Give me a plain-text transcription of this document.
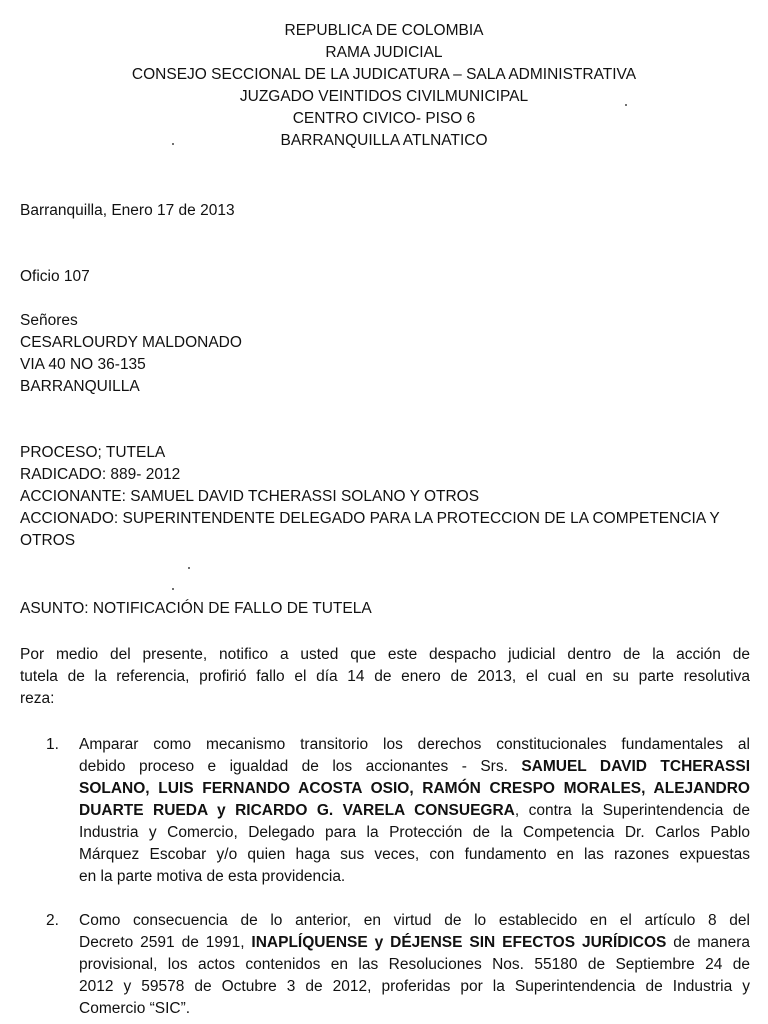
REPUBLICA DE COLOMBIA
RAMA JUDICIAL
CONSEJO SECCIONAL DE LA JUDICATURA – SALA ADMINISTRATIVA
JUZGADO VEINTIDOS CIVILMUNICIPAL
CENTRO CIVICO- PISO 6
BARRANQUILLA ATLNATICO
Barranquilla, Enero 17 de 2013
Oficio 107
Señores
CESARLOURDY MALDONADO
VIA 40 NO 36-135
BARRANQUILLA
PROCESO; TUTELA
RADICADO: 889- 2012
ACCIONANTE: SAMUEL DAVID TCHERASSI SOLANO Y OTROS
ACCIONADO: SUPERINTENDENTE DELEGADO PARA LA PROTECCION DE LA COMPETENCIA Y
OTROS
ASUNTO: NOTIFICACIÓN DE FALLO DE TUTELA
Por medio del presente, notifico a usted que este despacho judicial dentro de la acción de
tutela de la referencia, profirió fallo el día 14 de enero de 2013, el cual en su parte resolutiva
reza:
1. Amparar como mecanismo transitorio los derechos constitucionales fundamentales al
debido proceso e igualdad de los accionantes - Srs. SAMUEL DAVID TCHERASSI
SOLANO, LUIS FERNANDO ACOSTA OSIO, RAMÓN CRESPO MORALES, ALEJANDRO
DUARTE RUEDA y RICARDO G. VARELA CONSUEGRA, contra la Superintendencia de
Industria y Comercio, Delegado para la Protección de la Competencia Dr. Carlos Pablo
Márquez Escobar y/o quien haga sus veces, con fundamento en las razones expuestas
en la parte motiva de esta providencia.
2. Como consecuencia de lo anterior, en virtud de lo establecido en el artículo 8 del
Decreto 2591 de 1991, INAPLÍQUENSE y DÉJENSE SIN EFECTOS JURÍDICOS de manera
provisional, los actos contenidos en las Resoluciones Nos. 55180 de Septiembre 24 de
2012 y 59578 de Octubre 3 de 2012, proferidas por la Superintendencia de Industria y
Comercio “SIC”.
